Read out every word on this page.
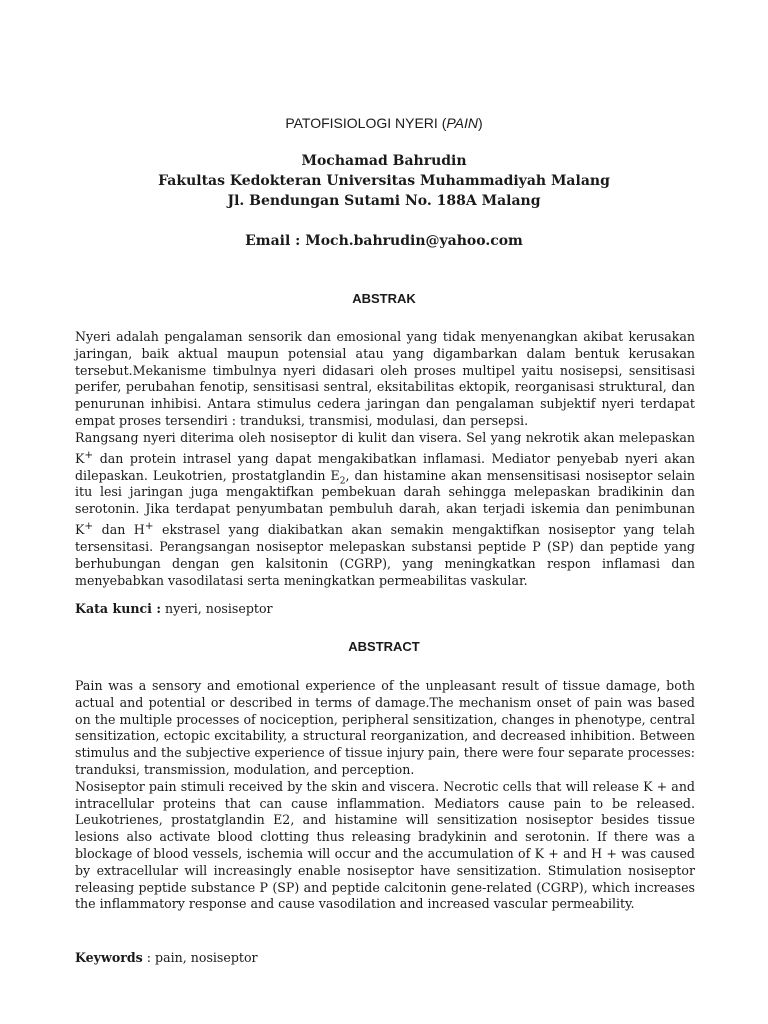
PATOFISIOLOGI NYERI (PAIN)
Mochamad Bahrudin
Fakultas Kedokteran Universitas Muhammadiyah Malang
Jl. Bendungan Sutami No. 188A Malang
Email : Moch.bahrudin@yahoo.com
ABSTRAK

Nyeri adalah pengalaman sensorik dan emosional yang tidak menyenangkan akibat kerusakan jaringan, baik aktual maupun potensial atau yang digambarkan dalam bentuk kerusakan tersebut.Mekanisme timbulnya nyeri didasari oleh proses multipel yaitu nosisepsi, sensitisasi perifer, perubahan fenotip, sensitisasi sentral, eksitabilitas ektopik, reorganisasi struktural, dan penurunan inhibisi. Antara stimulus cedera jaringan dan pengalaman subjektif nyeri terdapat empat proses tersendiri : tranduksi, transmisi, modulasi, dan persepsi.

Rangsang nyeri diterima oleh nosiseptor di kulit dan visera. Sel yang nekrotik akan melepaskan K+ dan protein intrasel yang dapat mengakibatkan inflamasi. Mediator penyebab nyeri akan dilepaskan. Leukotrien, prostatglandin $E_2$, dan histamine akan mensensitisasi nosiseptor selain itu lesi jaringan juga mengaktifkan pembekuan darah sehingga melepaskan bradikinin dan serotonin. Jika terdapat penyumbatan pembuluh darah, akan terjadi iskemia dan penimbunan K+ dan H+ ekstrasel yang diakibatkan akan semakin mengaktifkan nosiseptor yang telah tersensitasi. Perangsangan nosiseptor melepaskan substansi peptide P (SP) dan peptide yang berhubungan dengan gen kalsitonin (CGRP), yang meningkatkan respon inflamasi dan menyebabkan vasodilatasi serta meningkatkan permeabilitas vaskular.

Kata kunci : nyeri, nosiseptor
ABSTRACT

Pain was a sensory and emotional experience of the unpleasant result of tissue damage, both actual and potential or described in terms of damage.The mechanism onset of pain was based on the multiple processes of nociception, peripheral sensitization, changes in phenotype, central sensitization, ectopic excitability, a structural reorganization, and decreased inhibition. Between stimulus and the subjective experience of tissue injury pain, there were four separate processes: tranduksi, transmission, modulation, and perception.

Nosiseptor pain stimuli received by the skin and viscera. Necrotic cells that will release K + and intracellular proteins that can cause inflammation. Mediators cause pain to be released. Leukotrienes, prostatglandin E2, and histamine will sensitization nosiseptor besides tissue lesions also activate blood clotting thus releasing bradykinin and serotonin. If there was a blockage of blood vessels, ischemia will occur and the accumulation of K + and H + was caused by extracellular will increasingly enable nosiseptor have sensitization. Stimulation nosiseptor releasing peptide substance P (SP) and peptide calcitonin gene-related (CGRP), which increases the inflammatory response and cause vasodilation and increased vascular permeability.

Keywords : pain, nosiseptor
